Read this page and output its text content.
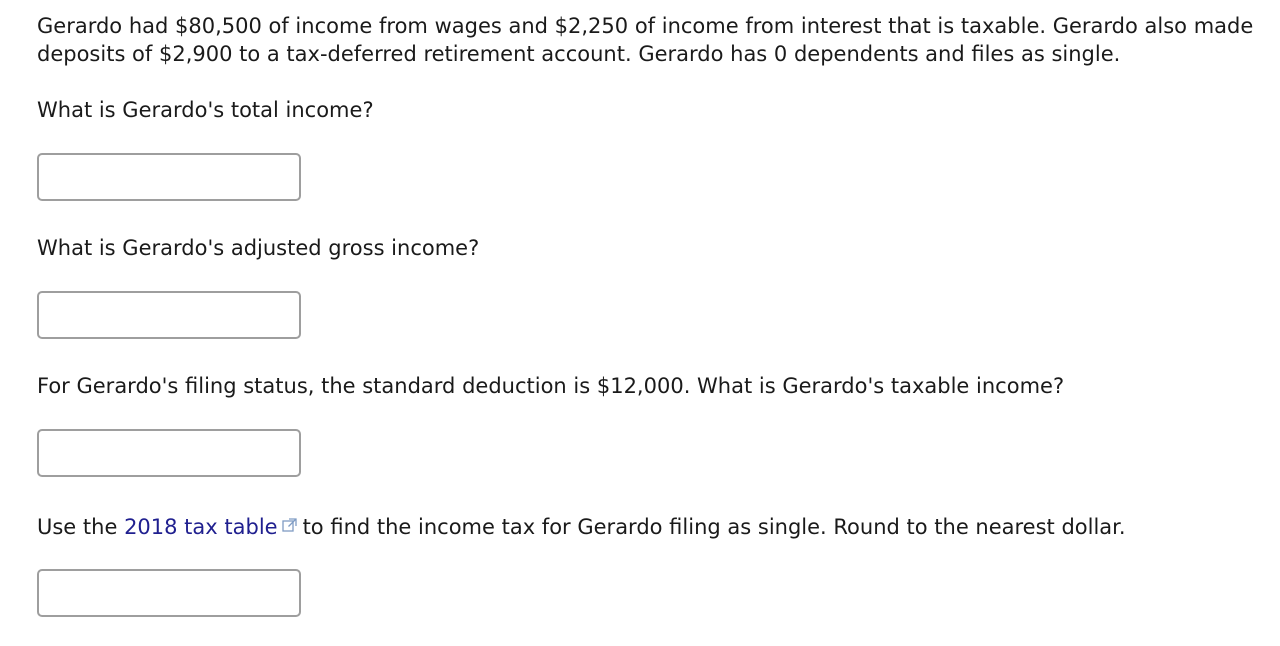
Gerardo had $80,500 of income from wages and $2,250 of income from interest that is taxable. Gerardo also made deposits of $2,900 to a tax-deferred retirement account. Gerardo has 0 dependents and files as single.

What is Gerardo's total income?

What is Gerardo's adjusted gross income?

For Gerardo's filing status, the standard deduction is $12,000. What is Gerardo's taxable income?

Use the 2018 tax table to find the income tax for Gerardo filing as single. Round to the nearest dollar.
